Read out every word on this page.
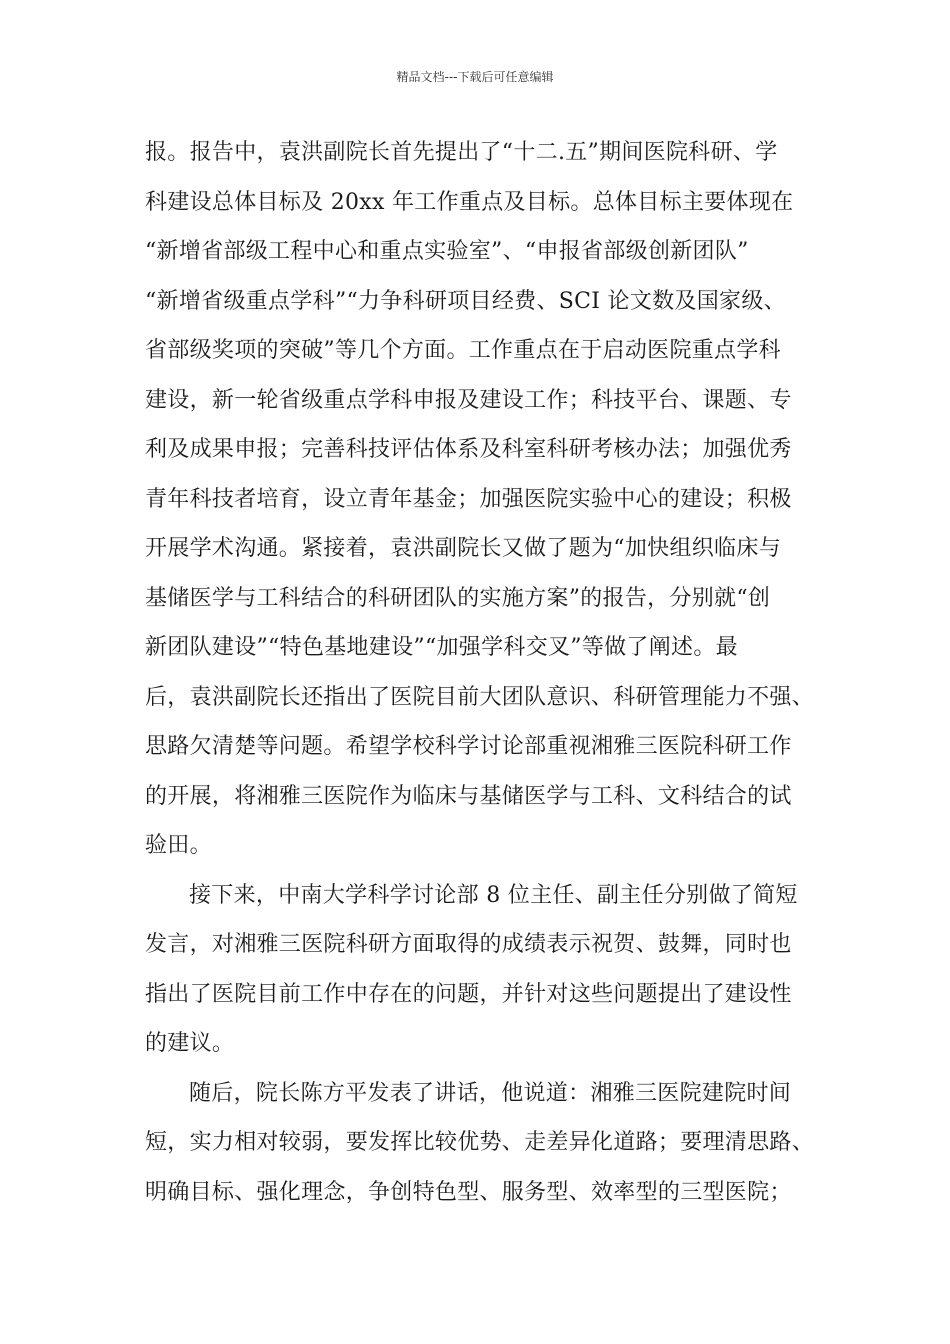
精品文档---下载后可任意编辑
报。报告中，袁洪副院长首先提出了“十二.五”期间医院科研、学
科建设总体目标及 20xx 年工作重点及目标。总体目标主要体现在
“新增省部级工程中心和重点实验室”、“申报省部级创新团队”
“新增省级重点学科”“力争科研项目经费、SCI 论文数及国家级、
省部级奖项的突破”等几个方面。工作重点在于启动医院重点学科
建设，新一轮省级重点学科申报及建设工作；科技平台、课题、专
利及成果申报；完善科技评估体系及科室科研考核办法；加强优秀
青年科技者培育，设立青年基金；加强医院实验中心的建设；积极
开展学术沟通。紧接着，袁洪副院长又做了题为“加快组织临床与
基储医学与工科结合的科研团队的实施方案”的报告，分别就“创
新团队建设”“特色基地建设”“加强学科交叉”等做了阐述。最
后，袁洪副院长还指出了医院目前大团队意识、科研管理能力不强、
思路欠清楚等问题。希望学校科学讨论部重视湘雅三医院科研工作
的开展，将湘雅三医院作为临床与基储医学与工科、文科结合的试
验田。
接下来，中南大学科学讨论部 8 位主任、副主任分别做了简短
发言，对湘雅三医院科研方面取得的成绩表示祝贺、鼓舞，同时也
指出了医院目前工作中存在的问题，并针对这些问题提出了建设性
的建议。
随后，院长陈方平发表了讲话，他说道：湘雅三医院建院时间
短，实力相对较弱，要发挥比较优势、走差异化道路；要理清思路、
明确目标、强化理念，争创特色型、服务型、效率型的三型医院；
